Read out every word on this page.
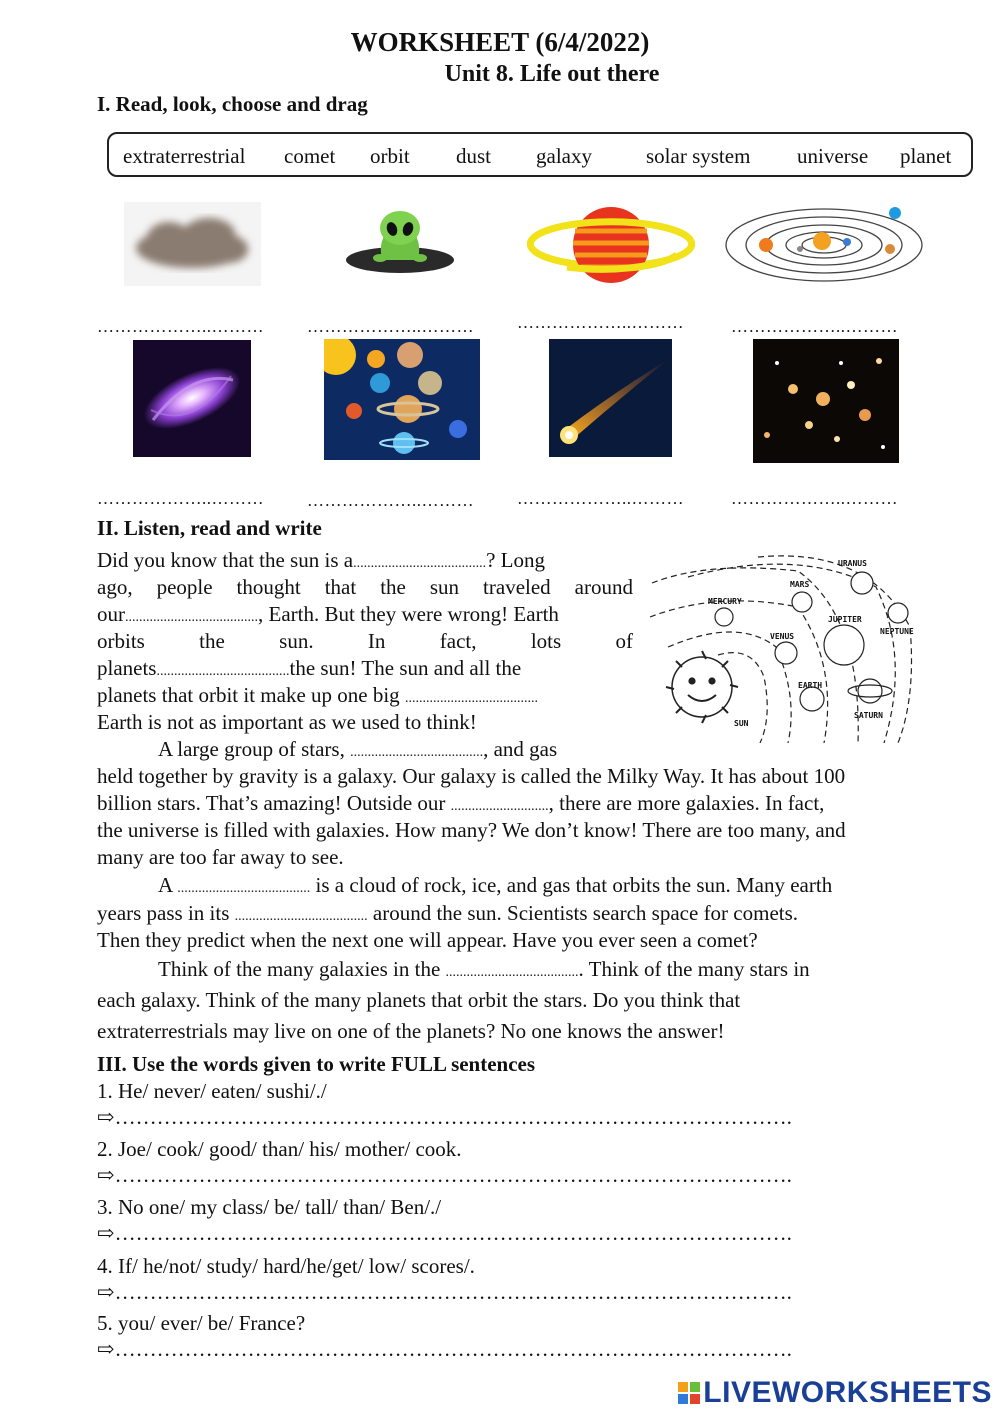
WORKSHEET (6/4/2022)
Unit 8. Life out there
I. Read, look, choose and drag
extraterrestrial comet orbit dust galaxy	solar system universe planet
………………..………	………………..………	………………..………	………………..………
………………..………	………………..………	………………..………	………………..………
II. Listen, read and write
URANUS
MARS
MERCURY
JUPITER
NEPTUNE
VENUS
EARTH
SATURN
SUN
Did you know that the sun is a......................................? Long
ago, people thought that the sun traveled around
our......................................, Earth. But they were wrong! Earth
orbits the sun. In fact, lots of
planets......................................the sun! The sun and all the
planets that orbit it make up one big ......................................
Earth is not as important as we used to think!
A large group of stars, ......................................, and gas
held together by gravity is a galaxy. Our galaxy is called the Milky Way. It has about 100
billion stars. That’s amazing! Outside our ............................, there are more galaxies. In fact,
the universe is filled with galaxies. How many? We don’t know! There are too many, and
many are too far away to see.
A ...................................... is a cloud of rock, ice, and gas that orbits the sun. Many earth
years pass in its ...................................... around the sun. Scientists search space for comets.
Then they predict when the next one will appear. Have you ever seen a comet?
Think of the many galaxies in the ....................................... Think of the many stars in
each galaxy. Think of the many planets that orbit the stars. Do you think that
extraterrestrials may live on one of the planets? No one knows the answer!
III. Use the words given to write FULL sentences
1. He/ never/ eaten/ sushi/./
⇨…………………………………………………………………………………….
2. Joe/ cook/ good/ than/ his/ mother/ cook.
⇨…………………………………………………………………………………….
3. No one/ my class/ be/ tall/ than/ Ben/./
⇨…………………………………………………………………………………….
4. If/ he/not/ study/ hard/he/get/ low/ scores/.
⇨…………………………………………………………………………………….
5. you/ ever/ be/ France?
⇨…………………………………………………………………………………….
LIVEWORKSHEETS
